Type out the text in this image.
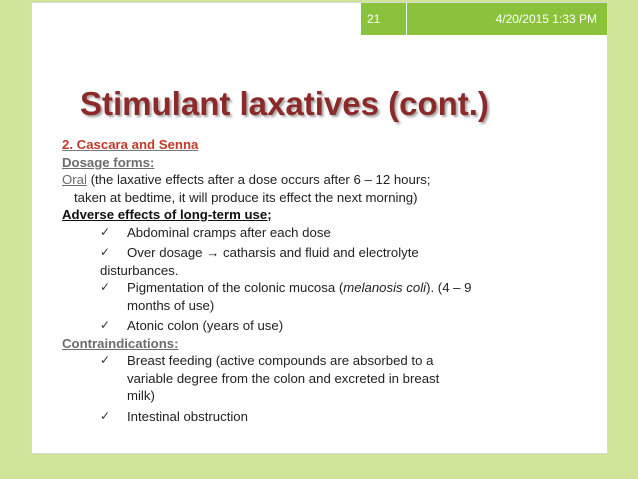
21	4/20/2015 1:33 PM
Stimulant laxatives (cont.)

2. Cascara and Senna

Dosage forms:

Oral (the laxative effects after a dose occurs after 6 – 12 hours;
taken at bedtime, it will produce its effect the next morning)

Adverse effects of long-term use;

✓ Abdominal cramps after each dose
✓ Over dosage → catharsis and fluid and electrolyte
disturbances.
✓ Pigmentation of the colonic mucosa (melanosis coli). (4 – 9
months of use)
✓ Atonic colon (years of use)

Contraindications:

✓ Breast feeding (active compounds are absorbed to a
variable degree from the colon and excreted in breast
milk)
✓ Intestinal obstruction
